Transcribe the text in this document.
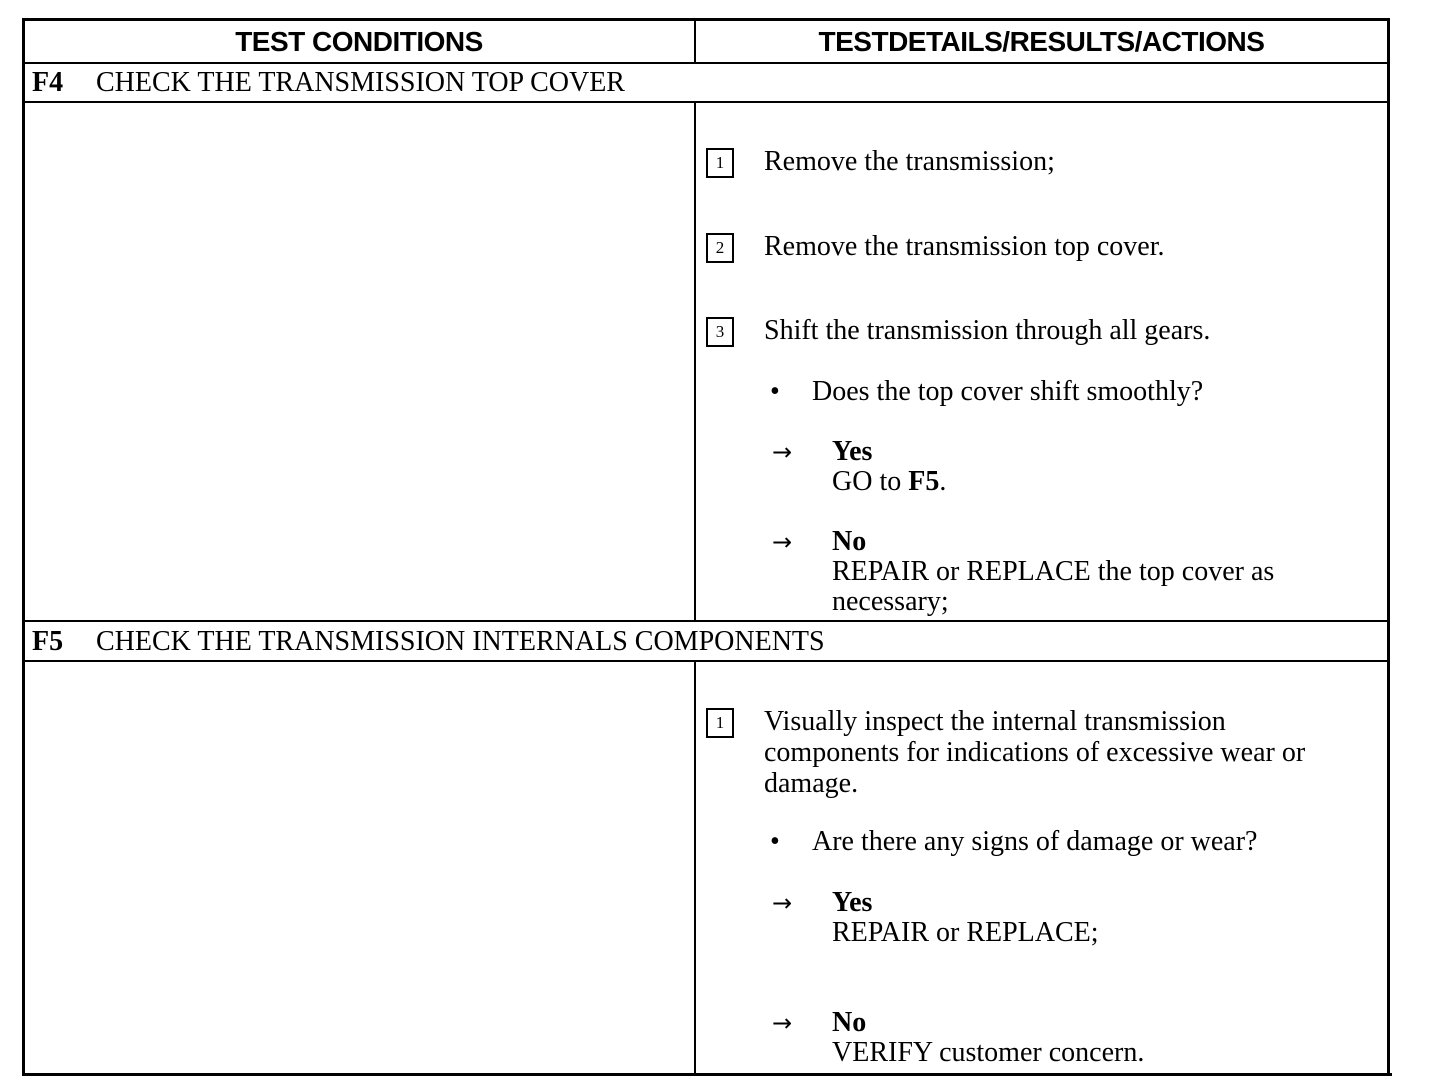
TEST CONDITIONS	TESTDETAILS/RESULTS/ACTIONS
F4	CHECK THE TRANSMISSION TOP COVER
1	Remove the transmission;
2	Remove the transmission top cover.
3	Shift the transmission through all gears.
• Does the top cover shift smoothly?
→ Yes
GO to F5.
→ No
REPAIR or REPLACE the top cover as
necessary;
F5	CHECK THE TRANSMISSION INTERNALS COMPONENTS
1	Visually inspect the internal transmission
components for indications of excessive wear or
damage.
• Are there any signs of damage or wear?
→ Yes
REPAIR or REPLACE;
→ No
VERIFY customer concern.
